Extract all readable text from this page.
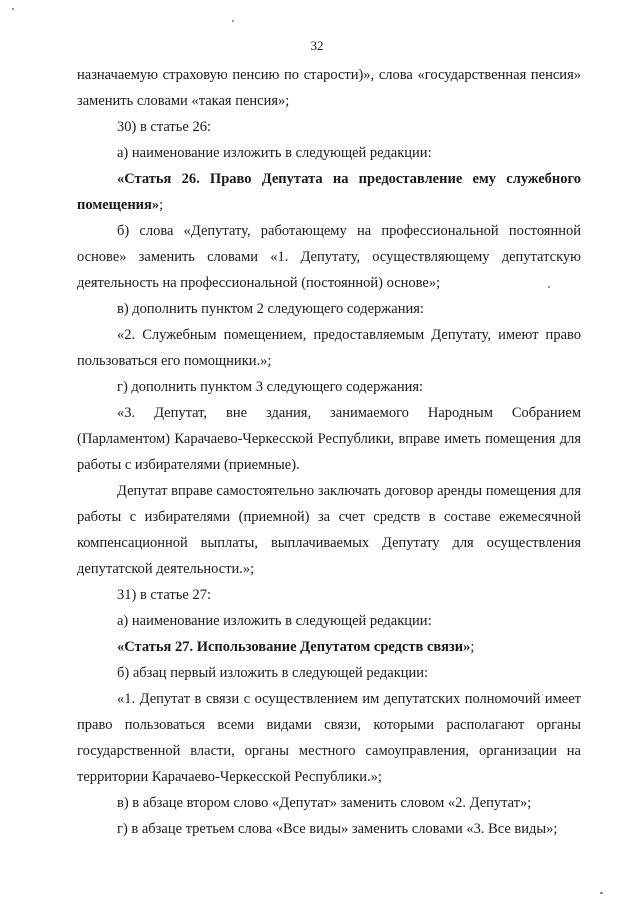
32

назначаемую страховую пенсию по старости)», слова «государственная пенсия» заменить словами «такая пенсия»;

30) в статье 26:

а) наименование изложить в следующей редакции:

«Статья 26. Право Депутата на предоставление ему служебного помещения»;

б) слова «Депутату, работающему на профессиональной постоянной основе» заменить словами «1. Депутату, осуществляющему депутатскую деятельность на профессиональной (постоянной) основе»;

в) дополнить пунктом 2 следующего содержания:

«2. Служебным помещением, предоставляемым Депутату, имеют право пользоваться его помощники.»;

г) дополнить пунктом 3 следующего содержания:

«3. Депутат, вне здания, занимаемого Народным Собранием (Парламентом) Карачаево-Черкесской Республики, вправе иметь помещения для работы с избирателями (приемные).

Депутат вправе самостоятельно заключать договор аренды помещения для работы с избирателями (приемной) за счет средств в составе ежемесячной компенсационной выплаты, выплачиваемых Депутату для осуществления депутатской деятельности.»;

31) в статье 27:

а) наименование изложить в следующей редакции:

«Статья 27. Использование Депутатом средств связи»;

б) абзац первый изложить в следующей редакции:

«1. Депутат в связи с осуществлением им депутатских полномочий имеет право пользоваться всеми видами связи, которыми располагают органы государственной власти, органы местного самоуправления, организации на территории Карачаево-Черкесской Республики.»;

в) в абзаце втором слово «Депутат» заменить словом «2. Депутат»;

г) в абзаце третьем слова «Все виды» заменить словами «3. Все виды»;
